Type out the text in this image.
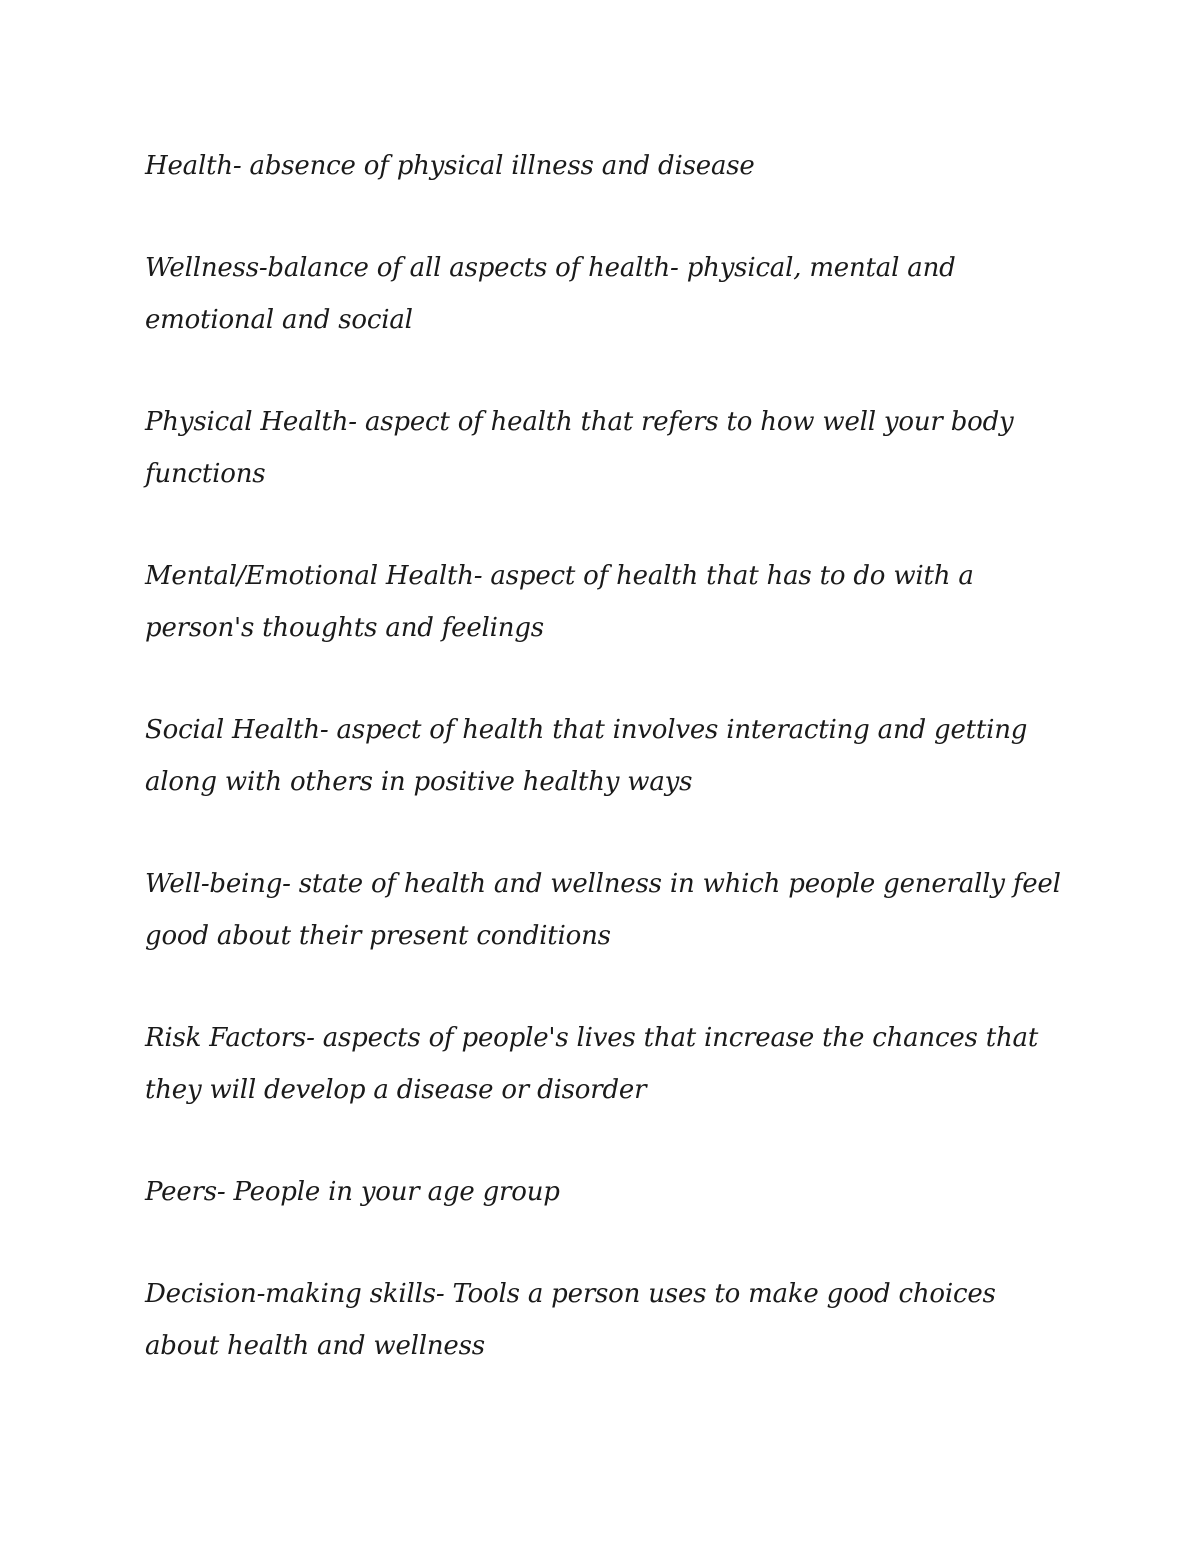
Health- absence of physical illness and disease

Wellness-balance of all aspects of health- physical, mental and emotional and social

Physical Health- aspect of health that refers to how well your body functions

Mental/Emotional Health- aspect of health that has to do with a person's thoughts and feelings

Social Health- aspect of health that involves interacting and getting along with others in positive healthy ways

Well-being- state of health and wellness in which people generally feel good about their present conditions

Risk Factors- aspects of people's lives that increase the chances that they will develop a disease or disorder

Peers- People in your age group

Decision-making skills- Tools a person uses to make good choices about health and wellness
